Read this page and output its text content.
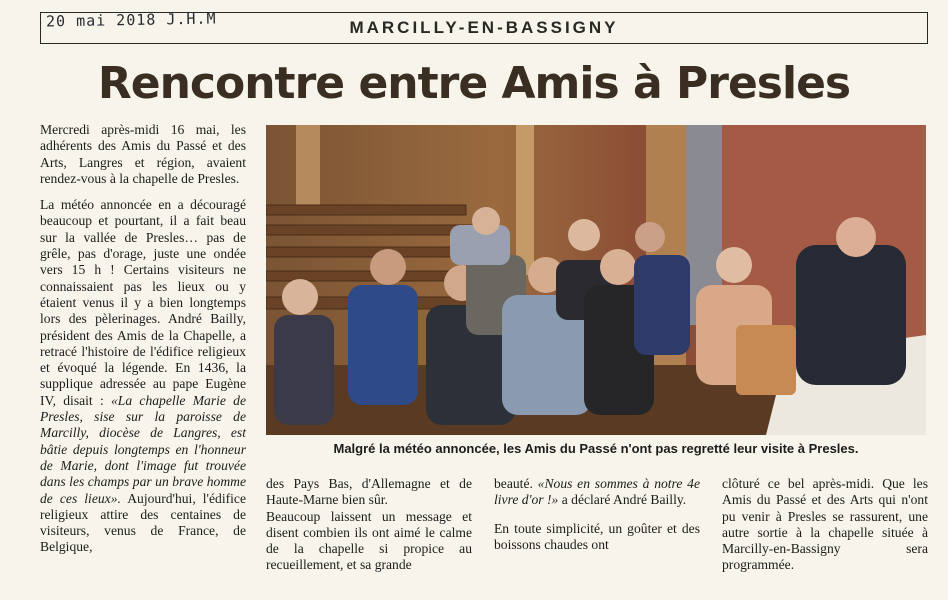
MARCILLY-EN-BASSIGNY
20 mai 2018 J.H.M
Rencontre entre Amis à Presles

Mercredi après-midi 16 mai, les adhérents des Amis du Passé et des Arts, Langres et région, avaient rendez-vous à la chapelle de Presles.

La météo annoncée en a découragé beaucoup et pourtant, il a fait beau sur la vallée de Presles… pas de grêle, pas d'orage, juste une ondée vers 15 h ! Certains visiteurs ne connaissaient pas les lieux ou y étaient venus il y a bien longtemps lors des pèlerinages. André Bailly, président des Amis de la Chapelle, a retracé l'histoire de l'édifice religieux et évoqué la légende. En 1436, la supplique adressée au pape Eugène IV, disait : «La chapelle Marie de Presles, sise sur la paroisse de Marcilly, diocèse de Langres, est bâtie depuis longtemps en l'honneur de Marie, dont l'image fut trouvée dans les champs par un brave homme de ces lieux». Aujourd'hui, l'édifice religieux attire des centaines de visiteurs, venus de France, de Belgique,

Malgré la météo annoncée, les Amis du Passé n'ont pas regretté leur visite à Presles.

des Pays Bas, d'Allemagne et de Haute-Marne bien sûr.

Beaucoup laissent un message et disent combien ils ont aimé le calme de la chapelle si propice au recueillement, et sa grande

beauté. «Nous en sommes à notre 4e livre d'or !» a déclaré André Bailly.

En toute simplicité, un goûter et des boissons chaudes ont

clôturé ce bel après-midi. Que les Amis du Passé et des Arts qui n'ont pu venir à Presles se rassurent, une autre sortie à la chapelle située à Marcilly-en-Bassigny sera programmée.
